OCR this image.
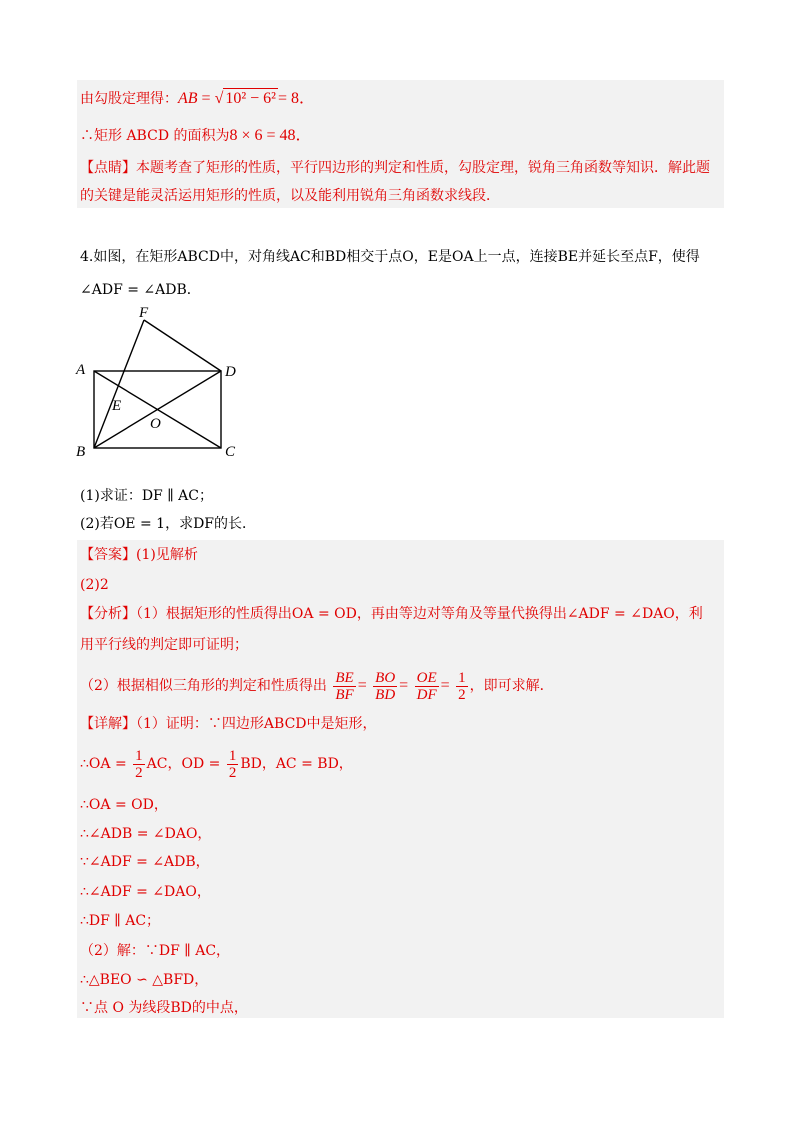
由勾股定理得：AB = √ 10² − 6² = 8．
∴矩形 ABCD 的面积为8 × 6 = 48．
【点睛】本题考查了矩形的性质，平行四边形的判定和性质，勾股定理，锐角三角函数等知识．解此题
的关键是能灵活运用矩形的性质，以及能利用锐角三角函数求线段．
4.如图，在矩形ABCD中，对角线AC和BD相交于点O，E是OA上一点，连接BE并延长至点F，使得
∠ADF = ∠ADB．
F
A	D
E
O
B	C
(1)求证：DF ∥ AC；
(2)若OE = 1，求DF的长．
【答案】(1)见解析
(2)2
【分析】（1）根据矩形的性质得出OA = OD，再由等边对等角及等量代换得出∠ADF = ∠DAO，利
用平行线的判定即可证明；
（2）根据相似三角形的判定和性质得出 $\frac{BE}{BF} = \frac{BO}{BD} = \frac{OE}{DF} = \frac{1}{2}$ ，即可求解．
【详解】（1）证明：∵四边形ABCD中是矩形，
∴OA = $\frac{1}{2}$ AC，OD = $\frac{1}{2}$ BD，AC = BD，
∴OA = OD，
∴∠ADB = ∠DAO，
∵∠ADF = ∠ADB，
∴∠ADF = ∠DAO，
∴DF ∥ AC；
（2）解：∵DF ∥ AC，
∴△BEO ∽ △BFD，
∵点 O 为线段BD的中点，
